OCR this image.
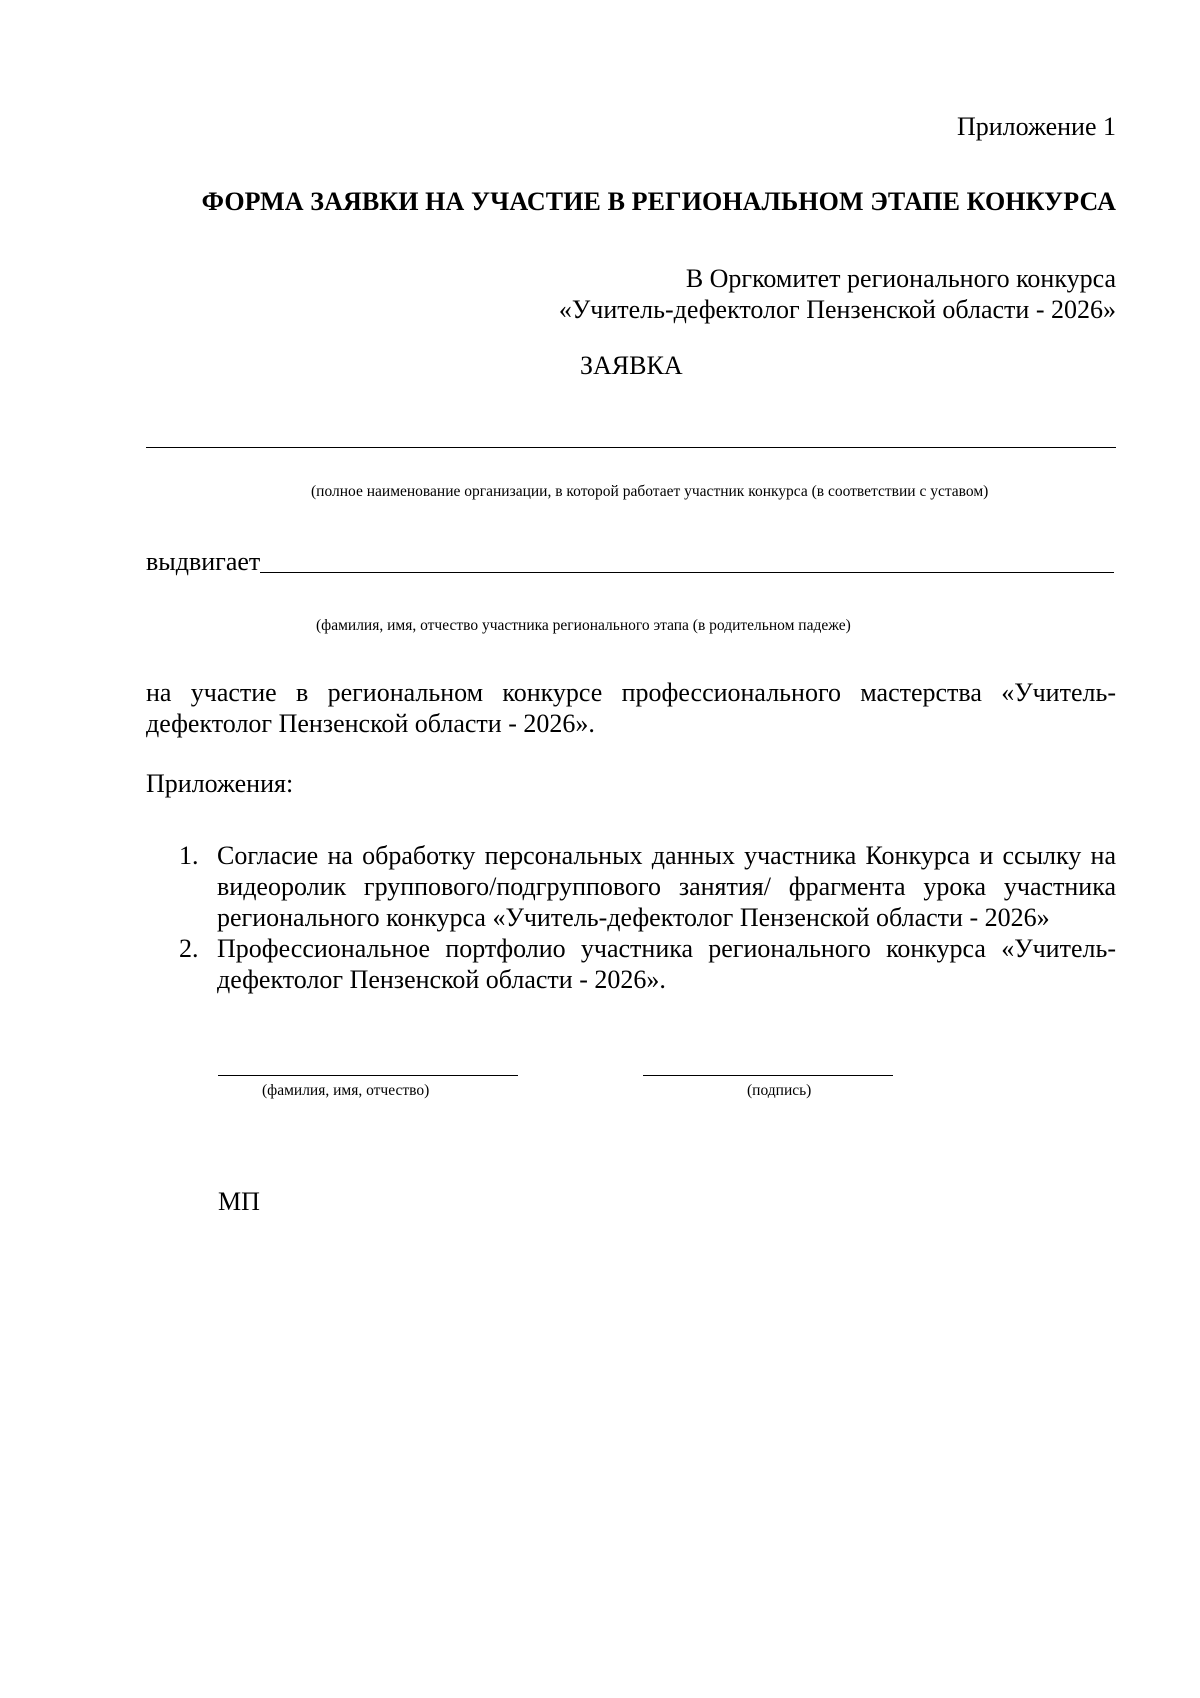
Приложение 1

ФОРМА ЗАЯВКИ НА УЧАСТИЕ В РЕГИОНАЛЬНОМ ЭТАПЕ КОНКУРСА

В Оргкомитет регионального конкурса
«Учитель-дефектолог Пензенской области - 2026»

ЗАЯВКА

(полное наименование организации, в которой работает участник конкурса (в соответствии с уставом)

выдвигает

(фамилия, имя, отчество участника регионального этапа (в родительном падеже)

на участие в региональном конкурсе профессионального мастерства «Учитель-дефектолог Пензенской области - 2026».

Приложения:

1. Согласие на обработку персональных данных участника Конкурса и ссылку на видеоролик группового/подгруппового занятия/ фрагмента урока участника регионального конкурса «Учитель-дефектолог Пензенской области - 2026»
2. Профессиональное портфолио участника регионального конкурса «Учитель-дефектолог Пензенской области - 2026».

(фамилия, имя, отчество)	(подпись)

МП
